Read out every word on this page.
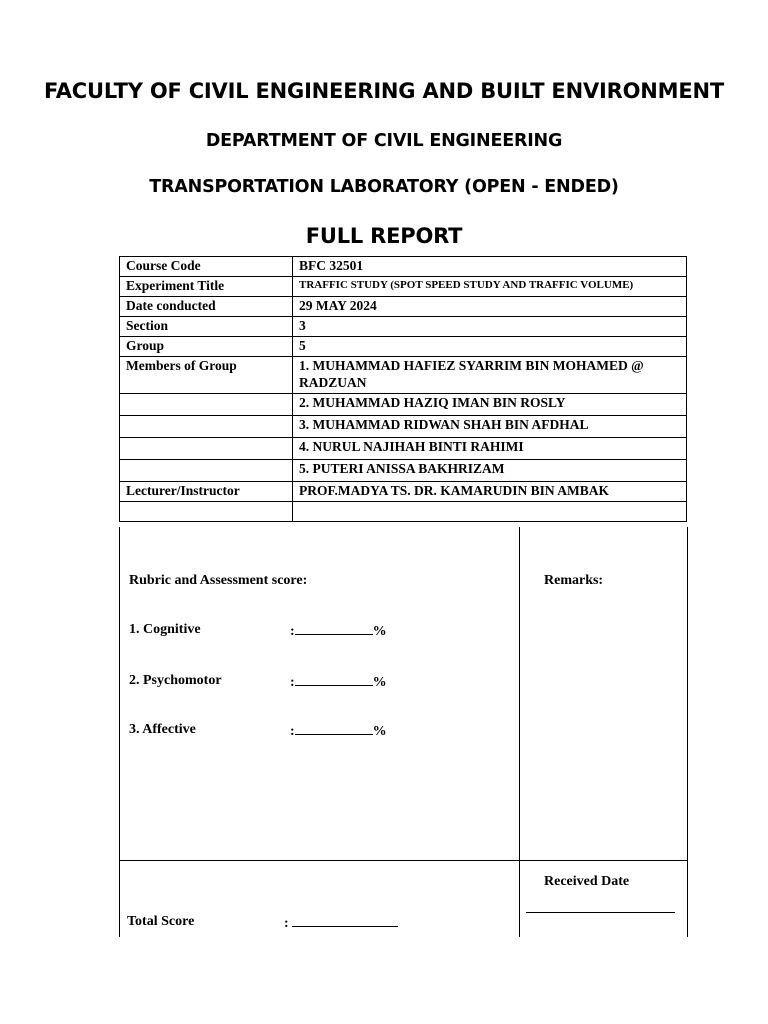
FACULTY OF CIVIL ENGINEERING AND BUILT ENVIRONMENT
DEPARTMENT OF CIVIL ENGINEERING
TRANSPORTATION LABORATORY (OPEN - ENDED)
FULL REPORT
Course Code	BFC 32501
Experiment Title	TRAFFIC STUDY (SPOT SPEED STUDY AND TRAFFIC VOLUME)
Date conducted	29 MAY 2024
Section	3
Group	5
Members of Group	1. MUHAMMAD HAFIEZ SYARRIM BIN MOHAMED @ RADZUAN
	2. MUHAMMAD HAZIQ IMAN BIN ROSLY
	3. MUHAMMAD RIDWAN SHAH BIN AFDHAL
	4. NURUL NAJIHAH BINTI RAHIMI
	5. PUTERI ANISSA BAKHRIZAM
Lecturer/Instructor	PROF.MADYA TS. DR. KAMARUDIN BIN AMBAK

Rubric and Assessment score:	Remarks:
1. Cognitive	:	%
2. Psychomotor	:	%
3. Affective	:	%
Received Date
Total Score	:
